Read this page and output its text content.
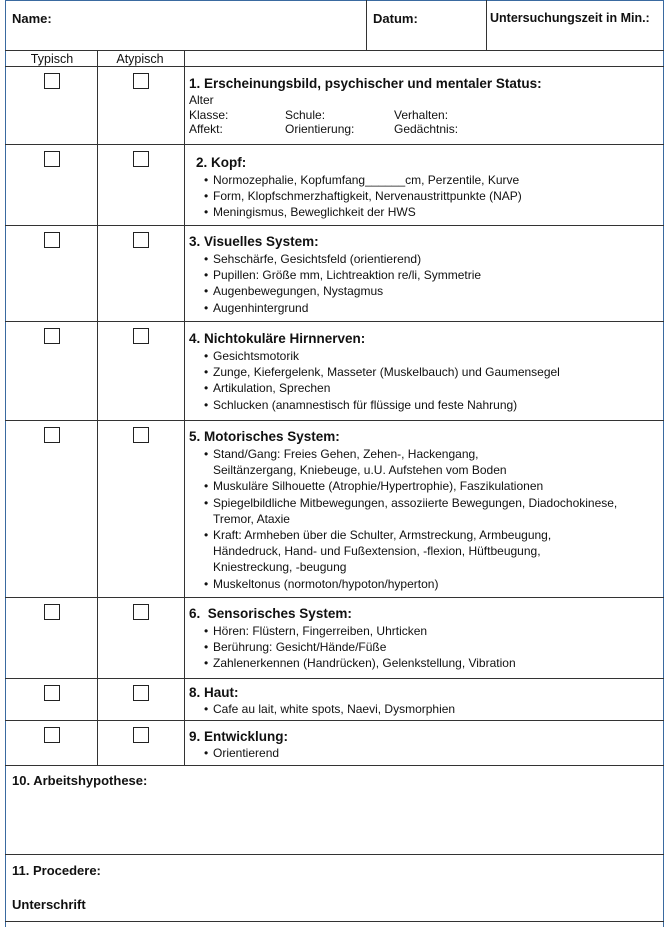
Name:	Datum:	Untersuchungszeit in Min.:
Typisch	Atypisch
1. Erscheinungsbild, psychischer und mentaler Status:
Alter
Klasse:	Schule:	Verhalten:
Affekt:	Orientierung:	Gedächtnis:
2. Kopf:
• Normozephalie, Kopfumfang______cm, Perzentile, Kurve
• Form, Klopfschmerzhaftigkeit, Nervenaustrittpunkte (NAP)
• Meningismus, Beweglichkeit der HWS
3. Visuelles System:
• Sehschärfe, Gesichtsfeld (orientierend)
• Pupillen: Größe mm, Lichtreaktion re/li, Symmetrie
• Augenbewegungen, Nystagmus
• Augenhintergrund
4. Nichtokuläre Hirnnerven:
• Gesichtsmotorik
• Zunge, Kiefergelenk, Masseter (Muskelbauch) und Gaumensegel
• Artikulation, Sprechen
• Schlucken (anamnestisch für flüssige und feste Nahrung)
5. Motorisches System:
• Stand/Gang: Freies Gehen, Zehen-, Hackengang,
Seiltänzergang, Kniebeuge, u.U. Aufstehen vom Boden
• Muskuläre Silhouette (Atrophie/Hypertrophie), Faszikulationen
• Spiegelbildliche Mitbewegungen, assoziierte Bewegungen, Diadochokinese,
Tremor, Ataxie
• Kraft: Armheben über die Schulter, Armstreckung, Armbeugung,
Händedruck, Hand- und Fußextension, -flexion, Hüftbeugung,
Kniestreckung, -beugung
• Muskeltonus (normoton/hypoton/hyperton)
6.  Sensorisches System:
• Hören: Flüstern, Fingerreiben, Uhrticken
• Berührung: Gesicht/Hände/Füße
• Zahlenerkennen (Handrücken), Gelenkstellung, Vibration
8. Haut:
• Cafe au lait, white spots, Naevi, Dysmorphien
9. Entwicklung:
• Orientierend
10. Arbeitshypothese:
11. Procedere:
Unterschrift
